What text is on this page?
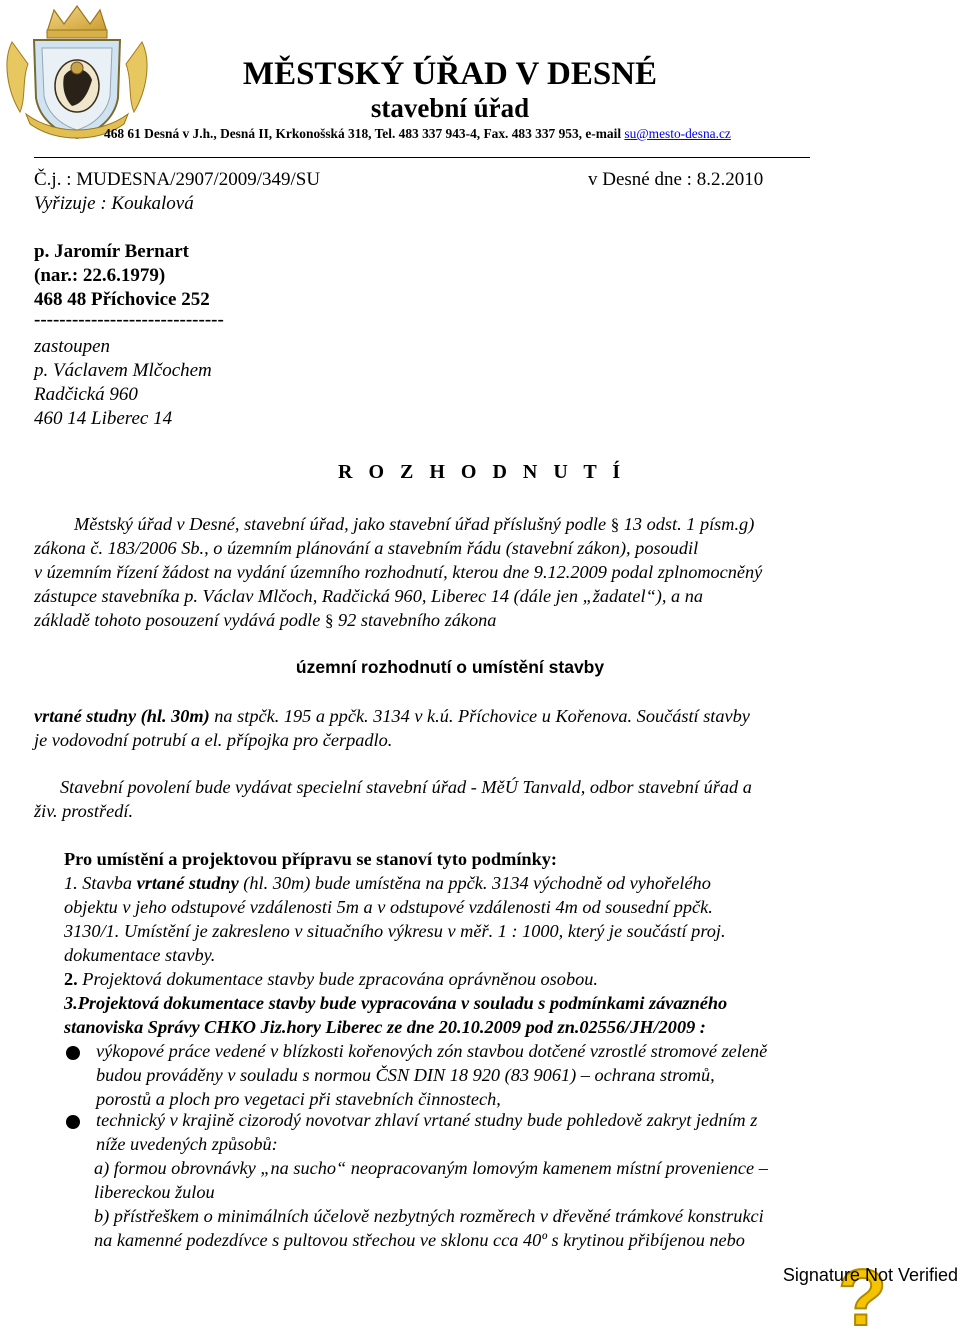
MĚSTSKÝ ÚŘAD V DESNÉ
stavební úřad
468 61 Desná v J.h., Desná II, Krkonošská 318, Tel. 483 337 943-4, Fax. 483 337 953, e-mail su@mesto-desna.cz
Č.j. : MUDESNA/2907/2009/349/SU	v Desné dne : 8.2.2010
Vyřizuje : Koukalová
p. Jaromír Bernart
(nar.: 22.6.1979)
468 48 Příchovice 252
------------------------------
zastoupen
p. Václavem Mlčochem
Radčická 960
460 14 Liberec 14
R O Z H O D N U T Í
Městský úřad v Desné, stavební úřad, jako stavební úřad příslušný podle § 13 odst. 1 písm.g)
zákona č. 183/2006 Sb., o územním plánování a stavebním řádu (stavební zákon), posoudil
v územním řízení žádost na vydání územního rozhodnutí, kterou dne 9.12.2009 podal zplnomocněný
zástupce stavebníka p. Václav Mlčoch, Radčická 960, Liberec 14 (dále jen „žadatel“), a na
základě tohoto posouzení vydává podle § 92 stavebního zákona
územní rozhodnutí o umístění stavby
vrtané studny (hl. 30m) na stpčk. 195 a ppčk. 3134 v k.ú. Příchovice u Kořenova. Součástí stavby
je vodovodní potrubí a el. přípojka pro čerpadlo.
Stavební povolení bude vydávat specielní stavební úřad - MěÚ Tanvald, odbor stavební úřad a
živ. prostředí.
Pro umístění a projektovou přípravu se stanoví tyto podmínky:
1. Stavba vrtané studny (hl. 30m) bude umístěna na ppčk. 3134 východně od vyhořelého
objektu v jeho odstupové vzdálenosti 5m a v odstupové vzdálenosti 4m od sousední ppčk.
3130/1. Umístění je zakresleno v situačního výkresu v měř. 1 : 1000, který je součástí proj.
dokumentace stavby.
2. Projektová dokumentace stavby bude zpracována oprávněnou osobou.
3.Projektová dokumentace stavby bude vypracována v souladu s podmínkami závazného
stanoviska Správy CHKO Jiz.hory Liberec ze dne 20.10.2009 pod zn.02556/JH/2009 :
výkopové práce vedené v blízkosti kořenových zón stavbou dotčené vzrostlé stromové zeleně
budou prováděny v souladu s normou ČSN DIN 18 920 (83 9061) – ochrana stromů,
porostů a ploch pro vegetaci při stavebních činnostech,
technický v krajině cizorodý novotvar zhlaví vrtané studny bude pohledově zakryt jedním z
níže uvedených způsobů:
a) formou obrovnávky „na sucho“ neopracovaným lomovým kamenem místní provenience –
libereckou žulou
b) přístřeškem o minimálních účelově nezbytných rozměrech v dřevěné trámkové konstrukci
na kamenné podezdívce s pultovou střechou ve sklonu cca 40º s krytinou přibíjenou nebo
?
Signature Not Verified
